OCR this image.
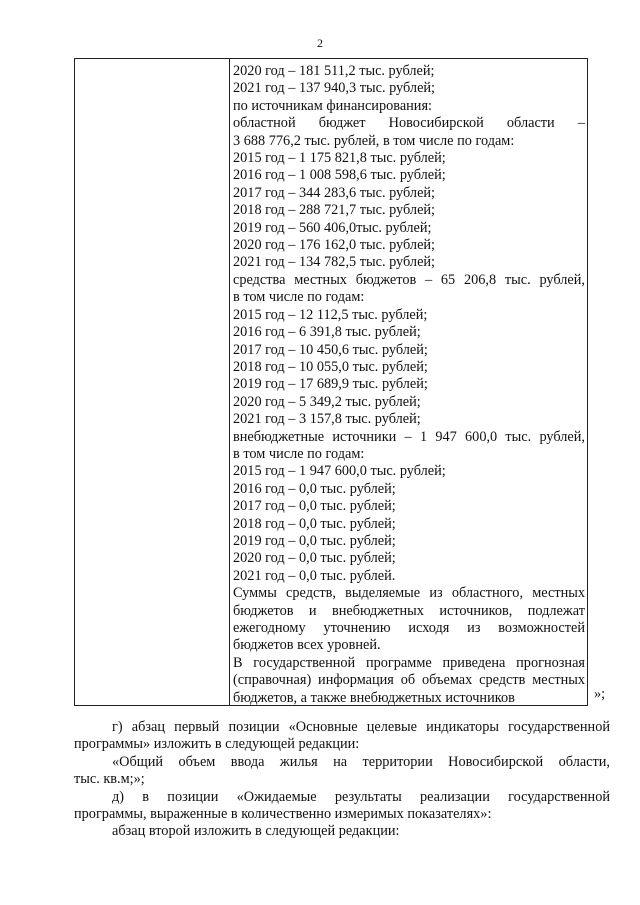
2
2020 год – 181 511,2 тыс. рублей;
2021 год – 137 940,3 тыс. рублей;
по источникам финансирования:
областной бюджет Новосибирской области –
3 688 776,2 тыс. рублей, в том числе по годам:
2015 год – 1 175 821,8 тыс. рублей;
2016 год – 1 008 598,6 тыс. рублей;
2017 год – 344 283,6 тыс. рублей;
2018 год – 288 721,7 тыс. рублей;
2019 год – 560 406,0тыс. рублей;
2020 год – 176 162,0 тыс. рублей;
2021 год – 134 782,5 тыс. рублей;
средства местных бюджетов – 65 206,8 тыс. рублей,
в том числе по годам:
2015 год – 12 112,5 тыс. рублей;
2016 год – 6 391,8 тыс. рублей;
2017 год – 10 450,6 тыс. рублей;
2018 год – 10 055,0 тыс. рублей;
2019 год – 17 689,9 тыс. рублей;
2020 год – 5 349,2 тыс. рублей;
2021 год – 3 157,8 тыс. рублей;
внебюджетные источники – 1 947 600,0 тыс. рублей,
в том числе по годам:
2015 год – 1 947 600,0 тыс. рублей;
2016 год – 0,0 тыс. рублей;
2017 год – 0,0 тыс. рублей;
2018 год – 0,0 тыс. рублей;
2019 год – 0,0 тыс. рублей;
2020 год – 0,0 тыс. рублей;
2021 год – 0,0 тыс. рублей.
Суммы средств, выделяемые из областного, местных бюджетов и внебюджетных источников, подлежат ежегодному уточнению исходя из возможностей бюджетов всех уровней.
В государственной программе приведена прогнозная (справочная) информация об объемах средств местных бюджетов, а также внебюджетных источников	»;
г) абзац первый позиции «Основные целевые индикаторы государственной
программы» изложить в следующей редакции:
«Общий объем ввода жилья на территории Новосибирской области,
тыс. кв.м;»;
д) в позиции «Ожидаемые результаты реализации государственной
программы, выраженные в количественно измеримых показателях»:
абзац второй изложить в следующей редакции:
